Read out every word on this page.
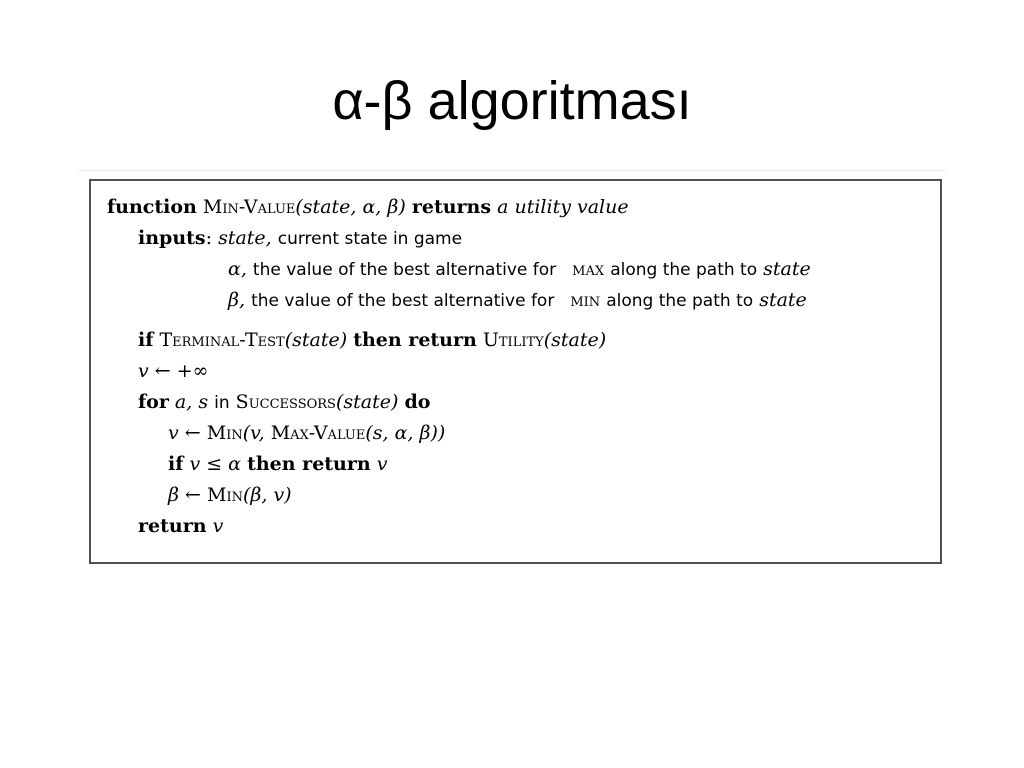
α-β algoritması
function Min-Value(state, α, β) returns a utility value
inputs: state, current state in game
α, the value of the best alternative for max along the path to state
β, the value of the best alternative for min along the path to state
if Terminal-Test(state) then return Utility(state)
v ← +∞
for a, s in Successors(state) do
v ← Min(v, Max-Value(s, α, β))
if v ≤ α then return v
β ← Min(β, v)
return v
